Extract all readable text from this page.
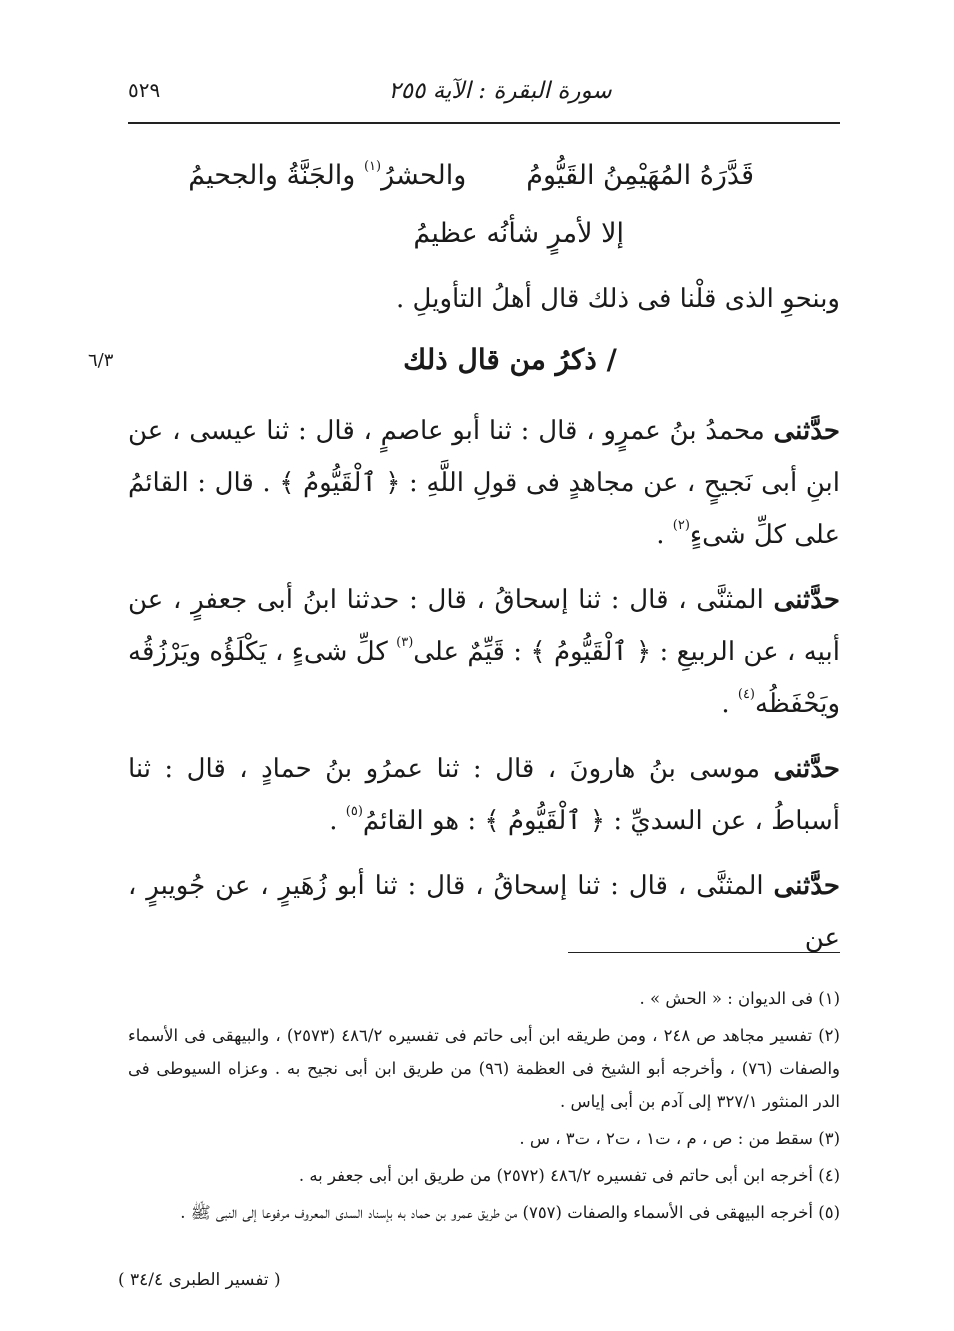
سورة البقرة : الآية ٢٥٥
٥٢٩
قَدَّرَهُ المُهَيْمِنُ القَيُّومُوالحشرُ$^{(١)}$ والجَنَّةُ والجحيمُ
إلا لأمرٍ شأنُه عظيمُ
وبنحوِ الذى قلْنا فى ذلك قال أهلُ التأويلِ .
/ ذكرُ من قال ذلك
٦/٣
حدَّثنى محمدُ بنُ عمرٍو ، قال : ثنا أبو عاصمٍ ، قال : ثنا عيسى ، عن ابنِ أبى نَجيحٍ ، عن مجاهدٍ فى قولِ اللَّهِ : ﴿ ٱلْقَيُّومُ ﴾ . قال : القائمُ على كلِّ شىءٍ$^{(٢)}$ .
حدَّثنى المثنَّى ، قال : ثنا إسحاقُ ، قال : حدثنا ابنُ أبى جعفرٍ ، عن أبيه ، عن الربيعِ : ﴿ ٱلْقَيُّومُ ﴾ : قَيِّمٌ على$^{(٣)}$ كلِّ شىءٍ ، يَكْلَؤُه ويَرْزُقُه ويَحْفَظُه$^{(٤)}$ .
حدَّثنى موسى بنُ هارونَ ، قال : ثنا عمرُو بنُ حمادٍ ، قال : ثنا أسباطُ ، عن السديِّ : ﴿ ٱلْقَيُّومُ ﴾ : هو القائمُ$^{(٥)}$ .
حدَّثنى المثنَّى ، قال : ثنا إسحاقُ ، قال : ثنا أبو زُهَيرٍ ، عن جُويبرٍ ، عن
(١) فى الديوان : « الحش » .
(٢) تفسير مجاهد ص ٢٤٨ ، ومن طريقه ابن أبى حاتم فى تفسيره ٤٨٦/٢ (٢٥٧٣) ، والبيهقى فى الأسماء والصفات (٧٦) ، وأخرجه أبو الشيخ فى العظمة (٩٦) من طريق ابن أبى نجيح به . وعزاه السيوطى فى الدر المنثور ٣٢٧/١ إلى آدم بن أبى إياس .
(٣) سقط من : ص ، م ، ت١ ، ت٢ ، ت٣ ، س .
(٤) أخرجه ابن أبى حاتم فى تفسيره ٤٨٦/٢ (٢٥٧٢) من طريق ابن أبى جعفر به .
(٥) أخرجه البيهقى فى الأسماء والصفات (٧٥٧) من طريق عمرو بن حماد به بإسناد السدى المعروف مرفوعا إلى النبى ﷺ .
( تفسير الطبرى ٣٤/٤ )
